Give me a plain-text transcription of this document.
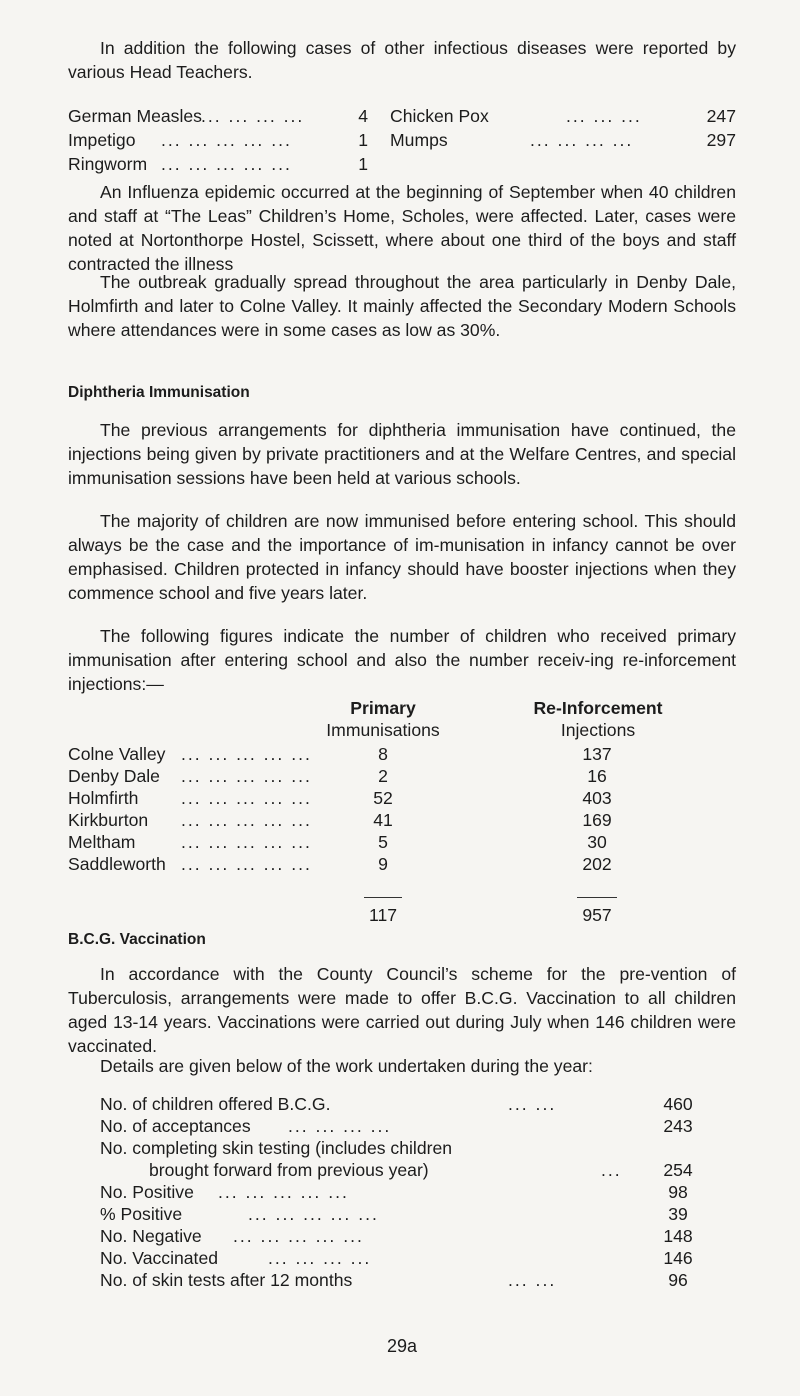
In addition the following cases of other infectious diseases were reported by various Head Teachers.

German Measles ... ... ... ...	4
Impetigo ... ... ... ... ...	1
Ringworm ... ... ... ... ...	1
Chicken Pox	... ... ...	247
Mumps	... ... ... ...	297

An Influenza epidemic occurred at the beginning of September when 40 children and staff at “The Leas” Children’s Home, Scholes, were affected. Later, cases were noted at Nortonthorpe Hostel, Scissett, where about one third of the boys and staff contracted the illness

The outbreak gradually spread throughout the area particularly in Denby Dale, Holmfirth and later to Colne Valley. It mainly affected the Secondary Modern Schools where attendances were in some cases as low as 30%.

Diphtheria Immunisation

The previous arrangements for diphtheria immunisation have continued, the injections being given by private practitioners and at the Welfare Centres, and special immunisation sessions have been held at various schools.

The majority of children are now immunised before entering school. This should always be the case and the importance of im-munisation in infancy cannot be over emphasised. Children protected in infancy should have booster injections when they commence school and five years later.

The following figures indicate the number of children who received primary immunisation after entering school and also the number receiv-ing re-inforcement injections:—

Primary
Immunisations
Re-Inforcement
Injections
Colne Valley ... ... ... ... ...	8	137
Denby Dale ... ... ... ... ...	2	16
Holmfirth ... ... ... ... ...	52	403
Kirkburton ... ... ... ... ...	41	169
Meltham	... ... ... ... ...	5	30
Saddleworth ... ... ... ... ...	9	202
117	957
B.C.G. Vaccination

In accordance with the County Council’s scheme for the pre-vention of Tuberculosis, arrangements were made to offer B.C.G. Vaccination to all children aged 13-14 years. Vaccinations were carried out during July when 146 children were vaccinated.

Details are given below of the work undertaken during the year:

No. of children offered B.C.G.	... ...	460
No. of acceptances ... ... ... ...	243
No. completing skin testing (includes children
brought forward from previous year)	...	254
No. Positive ... ... ... ... ...	98
% Positive	... ... ... ... ...	39
No. Negative ... ... ... ... ...	148
No. Vaccinated	... ... ... ...	146
No. of skin tests after 12 months	... ...	96
29a
